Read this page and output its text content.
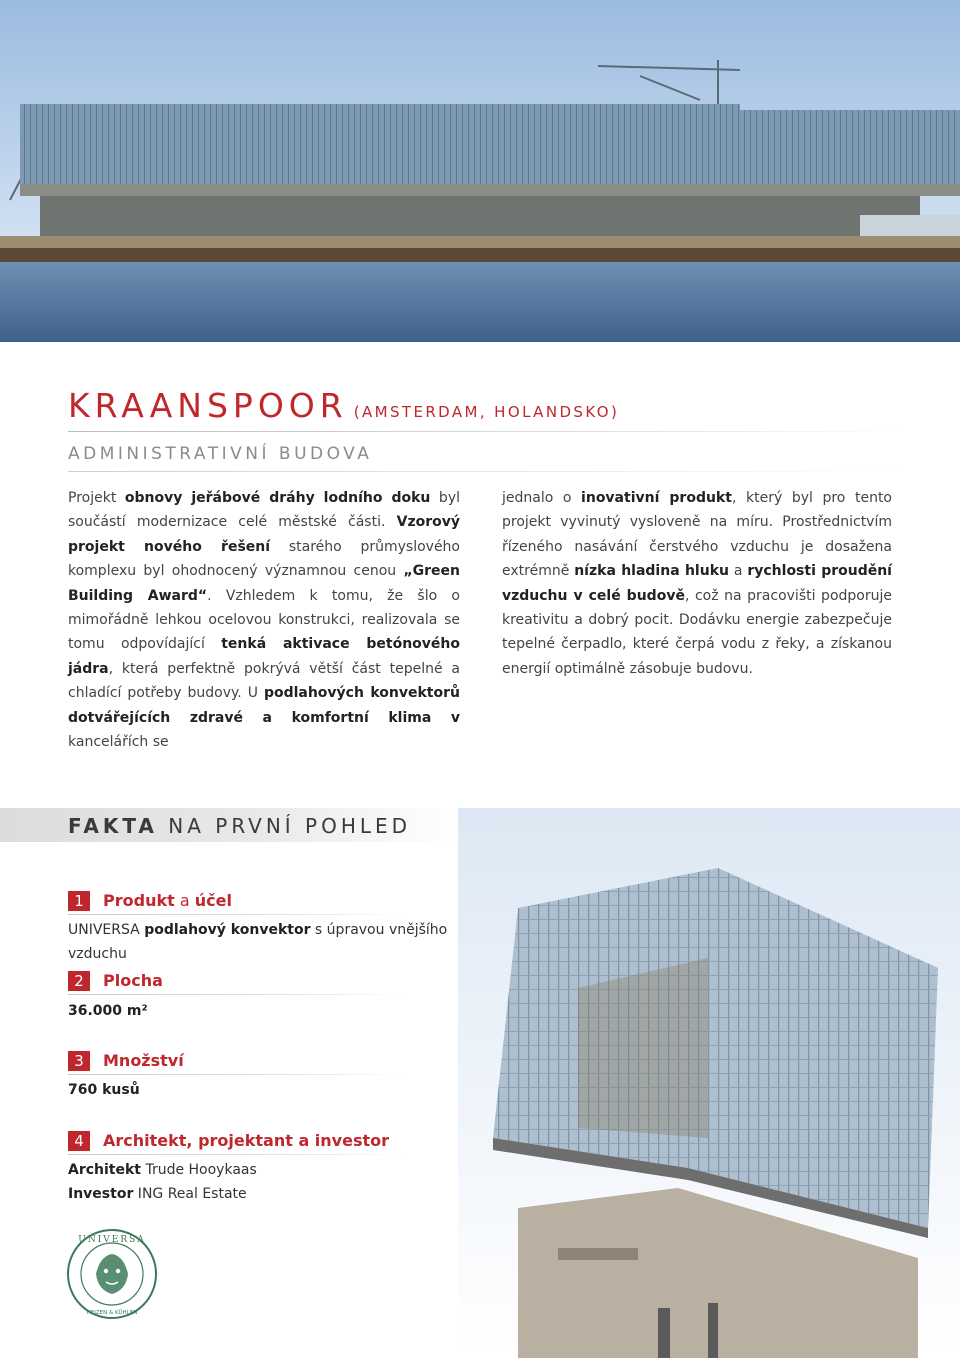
KRAANSPOOR (AMSTERDAM, HOLANDSKO)
ADMINISTRATIVNÍ BUDOVA

Projekt obnovy jeřábové dráhy lodního doku byl součástí modernizace celé městské části. Vzorový projekt nového řešení starého průmyslového komplexu byl ohodnocený významnou cenou „Green Building Award“. Vzhledem k tomu, že šlo o mimořádně lehkou ocelovou konstrukci, realizovala se tomu odpovídající tenká aktivace betónového jádra, která perfektně pokrývá větší část tepelné a chladící potřeby budovy. U podlahových konvektorů dotvářejících zdravé a komfortní klima v kancelářích se

jednalo o inovativní produkt, který byl pro tento projekt vyvinutý vysloveně na míru. Prostřednictvím řízeného nasávání čerstvého vzduchu je dosažena extrémně nízka hladina hluku a rychlosti proudění vzduchu v celé budově, což na pracovišti podporuje kreativitu a dobrý pocit. Dodávku energie zabezpečuje tepelné čerpadlo, které čerpá vodu z řeky, a získanou energií optimálně zásobuje budovu.

FAKTA NA PRVNÍ POHLED
1	Produkt a účel
UNIVERSA podlahový konvektor s úpravou vnějšího vzduchu
2	Plocha
36.000 m²
3	Množství
760 kusů
4	Architekt, projektant a investor
Architekt Trude Hooykaas
Investor ING Real Estate
UNIVERSA
HEIZEN & KÜHLEN
